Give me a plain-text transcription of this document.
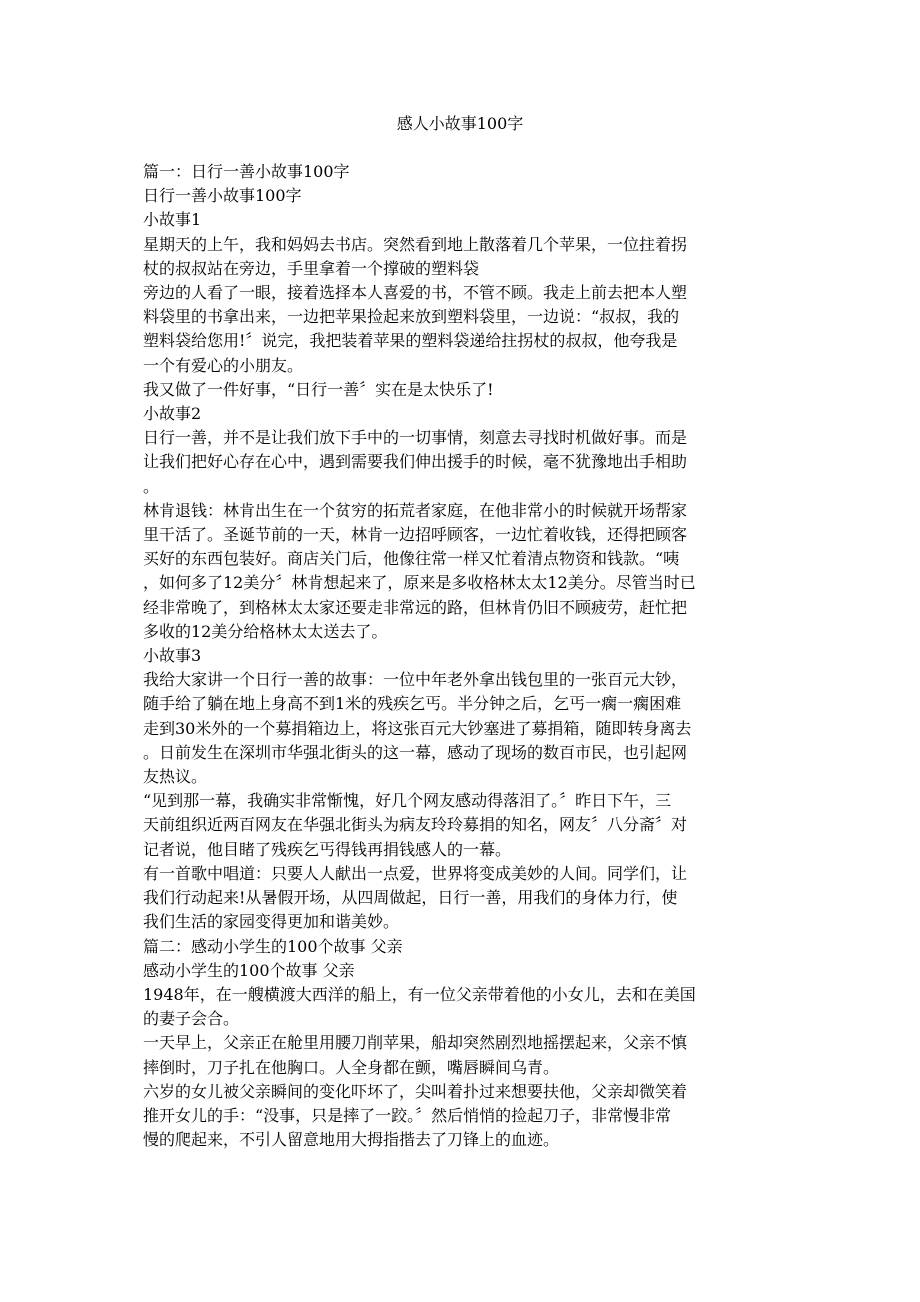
感人小故事100字
篇一：日行一善小故事100字
日行一善小故事100字
小故事1
星期天的上午，我和妈妈去书店。突然看到地上散落着几个苹果，一位拄着拐
杖的叔叔站在旁边，手里拿着一个撑破的塑料袋
旁边的人看了一眼，接着选择本人喜爱的书，不管不顾。我走上前去把本人塑
料袋里的书拿出来，一边把苹果捡起来放到塑料袋里，一边说：“叔叔，我的
塑料袋给您用!〞说完，我把装着苹果的塑料袋递给拄拐杖的叔叔，他夸我是
一个有爱心的小朋友。
我又做了一件好事，“日行一善〞实在是太快乐了!
小故事2
日行一善，并不是让我们放下手中的一切事情，刻意去寻找时机做好事。而是
让我们把好心存在心中，遇到需要我们伸出援手的时候，毫不犹豫地出手相助
。
林肯退钱：林肯出生在一个贫穷的拓荒者家庭，在他非常小的时候就开场帮家
里干活了。圣诞节前的一天，林肯一边招呼顾客，一边忙着收钱，还得把顾客
买好的东西包装好。商店关门后，他像往常一样又忙着清点物资和钱款。“咦
，如何多了12美分〞林肯想起来了，原来是多收格林太太12美分。尽管当时已
经非常晚了，到格林太太家还要走非常远的路，但林肯仍旧不顾疲劳，赶忙把
多收的12美分给格林太太送去了。
小故事3
我给大家讲一个日行一善的故事：一位中年老外拿出钱包里的一张百元大钞，
随手给了躺在地上身高不到1米的残疾乞丐。半分钟之后，乞丐一瘸一瘸困难
走到30米外的一个募捐箱边上，将这张百元大钞塞进了募捐箱，随即转身离去
。日前发生在深圳市华强北街头的这一幕，感动了现场的数百市民，也引起网
友热议。
“见到那一幕，我确实非常惭愧，好几个网友感动得落泪了。〞昨日下午，三
天前组织近两百网友在华强北街头为病友玲玲募捐的知名，网友〞八分斋〞对
记者说，他目睹了残疾乞丐得钱再捐钱感人的一幕。
有一首歌中唱道：只要人人献出一点爱，世界将变成美妙的人间。同学们，让
我们行动起来!从暑假开场，从四周做起，日行一善，用我们的身体力行，使
我们生活的家园变得更加和谐美妙。
篇二：感动小学生的100个故事 父亲
感动小学生的100个故事 父亲
1948年，在一艘横渡大西洋的船上，有一位父亲带着他的小女儿，去和在美国
的妻子会合。
一天早上，父亲正在舱里用腰刀削苹果，船却突然剧烈地摇摆起来，父亲不慎
摔倒时，刀子扎在他胸口。人全身都在颤，嘴唇瞬间乌青。
六岁的女儿被父亲瞬间的变化吓坏了，尖叫着扑过来想要扶他，父亲却微笑着
推开女儿的手：“没事，只是摔了一跤。〞然后悄悄的捡起刀子，非常慢非常
慢的爬起来，不引人留意地用大拇指揩去了刀锋上的血迹。
